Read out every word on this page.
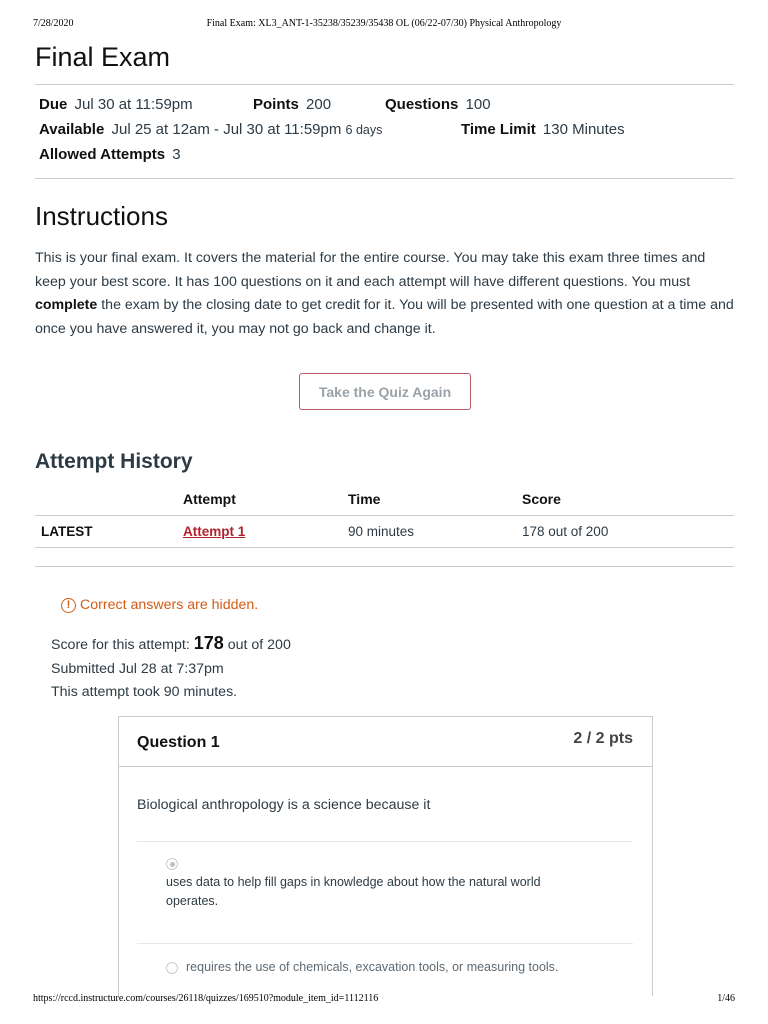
7/28/2020	Final Exam: XL3_ANT-1-35238/35239/35438 OL (06/22-07/30) Physical Anthropology
Final Exam
Due Jul 30 at 11:59pm	Points 200	Questions 100
Available Jul 25 at 12am - Jul 30 at 11:59pm 6 days	Time Limit 130 Minutes
Allowed Attempts 3
Instructions

This is your final exam. It covers the material for the entire course. You may take this exam three times and keep your best score. It has 100 questions on it and each attempt will have different questions. You must complete the exam by the closing date to get credit for it. You will be presented with one question at a time and once you have answered it, you may not go back and change it.

Take the Quiz Again
Attempt History
	Attempt	Time	Score
LATEST	Attempt 1	90 minutes	178 out of 200
! Correct answers are hidden.
Score for this attempt: 178 out of 200
Submitted Jul 28 at 7:37pm
This attempt took 90 minutes.
Question 1	2 / 2 pts
Biological anthropology is a science because it
uses data to help fill gaps in knowledge about how the natural world operates.
requires the use of chemicals, excavation tools, or measuring tools.
https://rccd.instructure.com/courses/26118/quizzes/169510?module_item_id=1112116	1/46
